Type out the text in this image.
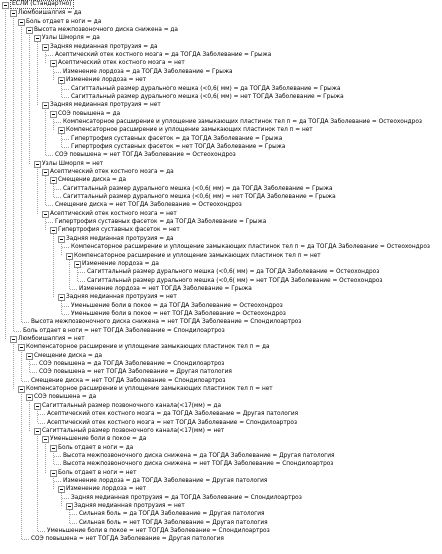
ЕСЛИ (Стандартно)
Люмбоишалгия = да
Боль отдает в ноги = да
Высота межпозвоночного диска снижена = да
Узлы Шморля = да
Задняя медианная протрузия = да
Асептический отек костного мозга = да ТОГДА Заболевание = Грыжа
Асептический отек костного мозга = нет
Изменение лордоза = да ТОГДА Заболевание = Грыжа
Изменение лордоза = нет
Сагиттальный размер дурального мешка (<0,6( мм) = да ТОГДА Заболевание = Грыжа
Сагиттальный размер дурального мешка (<0,6( мм) = нет ТОГДА Заболевание = Грыжа
Задняя медианная протрузия = нет
СОЭ повышена = да
Компенсаторное расширение и уплощение замыкающих пластинок тел п = да ТОГДА Заболевание = Остеохондроз
Компенсаторное расширение и уплощение замыкающих пластинок тел п = нет
Гипертрофия суставных фасеток = да ТОГДА Заболевание = Грыжа
Гипертрофия суставных фасеток = нет ТОГДА Заболевание = Грыжа
СОЭ повышена = нет ТОГДА Заболевание = Остеохондроз
Узлы Шморля = нет
Асептический отек костного мозга = да
Смещение диска = да
Сагиттальный размер дурального мешка (<0,6( мм) = да ТОГДА Заболевание = Грыжа
Сагиттальный размер дурального мешка (<0,6( мм) = нет ТОГДА Заболевание = Грыжа
Смещение диска = нет ТОГДА Заболевание = Остеохондроз
Асептический отек костного мозга = нет
Гипертрофия суставных фасеток = да ТОГДА Заболевание = Грыжа
Гипертрофия суставных фасеток = нет
Задняя медианная протрузия = да
Компенсаторное расширение и уплощение замыкающих пластинок тел п = да ТОГДА Заболевание = Остеохондроз
Компенсаторное расширение и уплощение замыкающих пластинок тел п = нет
Изменение лордоза = да
Сагиттальный размер дурального мешка (<0,6( мм) = да ТОГДА Заболевание = Остеохондроз
Сагиттальный размер дурального мешка (<0,6( мм) = нет ТОГДА Заболевание = Остеохондроз
Изменение лордоза = нет ТОГДА Заболевание = Грыжа
Задняя медианная протрузия = нет
Уменьшение боли в покое = да ТОГДА Заболевание = Остеохондроз
Уменьшение боли в покое = нет ТОГДА Заболевание = Остеохондроз
Высота межпозвоночного диска снижена = нет ТОГДА Заболевание = Спондилоартроз
Боль отдает в ноги = нет ТОГДА Заболевание = Спондилоартроз
Люмбоишалгия = нет
Компенсаторное расширение и уплощение замыкающих пластинок тел п = да
Смещение диска = да
СОЭ повышена = да ТОГДА Заболевание = Спондилоартроз
СОЭ повышена = нет ТОГДА Заболевание = Другая патология
Смещение диска = нет ТОГДА Заболевание = Спондилоартроз
Компенсаторное расширение и уплощение замыкающих пластинок тел п = нет
СОЭ повышена = да
Сагиттальный размер позвоночного канала(<17(мм) = да
Асептический отек костного мозга = да ТОГДА Заболевание = Другая патология
Асептический отек костного мозга = нет ТОГДА Заболевание = Спондилоартроз
Сагиттальный размер позвоночного канала(<17(мм) = нет
Уменьшение боли в покое = да
Боль отдает в ноги = да
Высота межпозвоночного диска снижена = да ТОГДА Заболевание = Другая патология
Высота межпозвоночного диска снижена = нет ТОГДА Заболевание = Спондилоартроз
Боль отдает в ноги = нет
Изменение лордоза = да ТОГДА Заболевание = Другая патология
Изменение лордоза = нет
Задняя медианная протрузия = да ТОГДА Заболевание = Спондилоартроз
Задняя медианная протрузия = нет
Сильная боль = да ТОГДА Заболевание = Другая патология
Сильная боль = нет ТОГДА Заболевание = Другая патология
Уменьшение боли в покое = нет ТОГДА Заболевание = Спондилоартроз
СОЭ повышена = нет ТОГДА Заболевание = Другая патология
